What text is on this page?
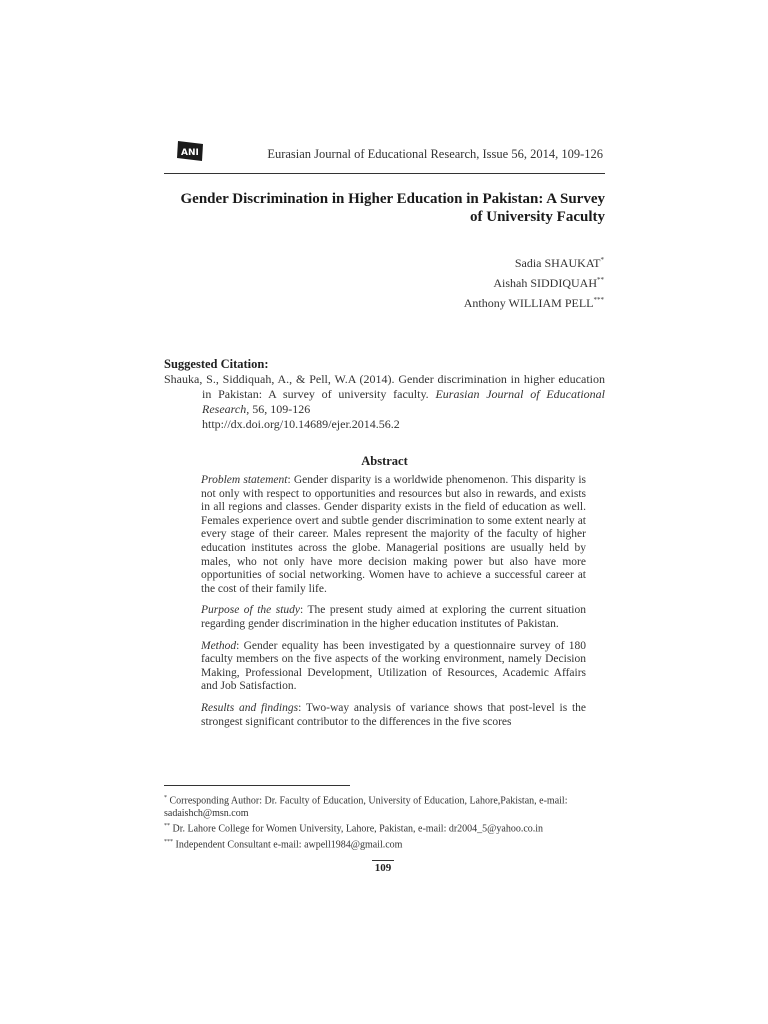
ANI	Eurasian Journal of Educational Research, Issue 56, 2014, 109-126
Gender Discrimination in Higher Education in Pakistan: A Survey of University Faculty
Sadia SHAUKAT*
Aishah SIDDIQUAH**
Anthony WILLIAM PELL***
Suggested Citation:
Shauka, S., Siddiquah, A., & Pell, W.A (2014). Gender discrimination in higher education in Pakistan: A survey of university faculty. Eurasian Journal of Educational Research, 56, 109-126
http://dx.doi.org/10.14689/ejer.2014.56.2
Abstract

Problem statement: Gender disparity is a worldwide phenomenon. This disparity is not only with respect to opportunities and resources but also in rewards, and exists in all regions and classes. Gender disparity exists in the field of education as well. Females experience overt and subtle gender discrimination to some extent nearly at every stage of their career. Males represent the majority of the faculty of higher education institutes across the globe. Managerial positions are usually held by males, who not only have more decision making power but also have more opportunities of social networking. Women have to achieve a successful career at the cost of their family life.

Purpose of the study: The present study aimed at exploring the current situation regarding gender discrimination in the higher education institutes of Pakistan.

Method: Gender equality has been investigated by a questionnaire survey of 180 faculty members on the five aspects of the working environment, namely Decision Making, Professional Development, Utilization of Resources, Academic Affairs and Job Satisfaction.

Results and findings: Two-way analysis of variance shows that post-level is the strongest significant contributor to the differences in the five scores

* Corresponding Author: Dr. Faculty of Education, University of Education, Lahore,Pakistan, e-mail: sadaishch@msn.com
** Dr. Lahore College for Women University, Lahore, Pakistan, e-mail: dr2004_5@yahoo.co.in
*** Independent Consultant e-mail: awpell1984@gmail.com
109
